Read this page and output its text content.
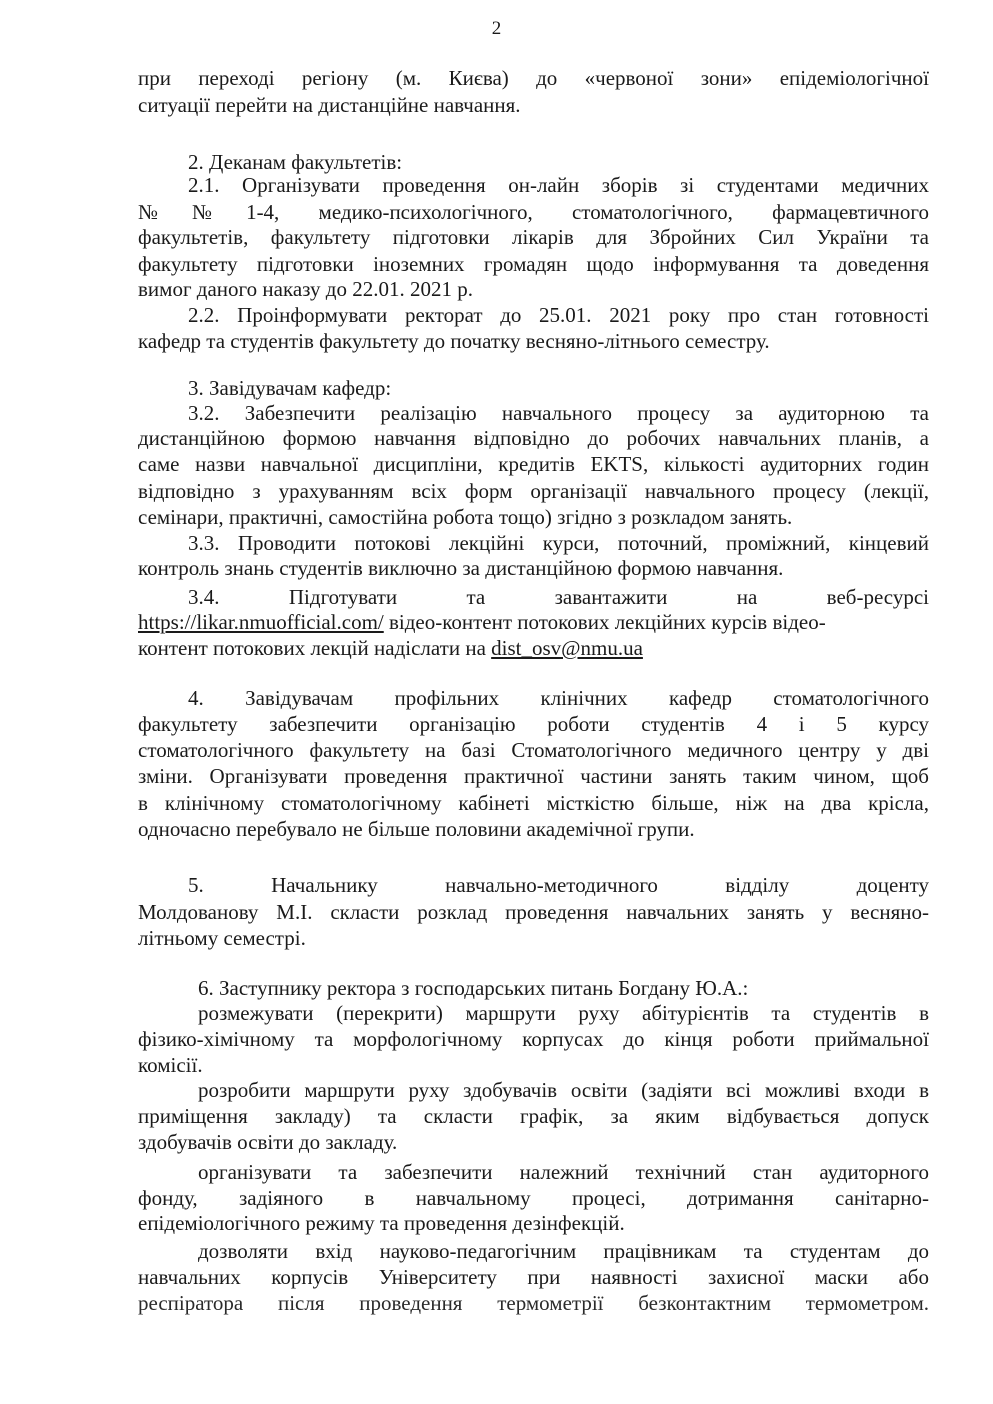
2
при переході регіону (м. Києва) до «червоної зони» епідеміологічної
ситуації перейти на дистанційне навчання.
2. Деканам факультетів:
2.1. Організувати проведення он-лайн зборів зі студентами медичних
№№1-4, медико-психологічного, стоматологічного, фармацевтичного
факультетів, факультету підготовки лікарів для Збройних Сил України та
факультету підготовки іноземних громадян щодо інформування та доведення
вимог даного наказу до 22.01. 2021 р.
2.2. Проінформувати ректорат до 25.01. 2021 року про стан готовності
кафедр та студентів факультету до початку весняно-літнього семестру.
3. Завідувачам кафедр:
3.2. Забезпечити реалізацію навчального процесу за аудиторною та
дистанційною формою навчання відповідно до робочих навчальних планів, а
саме назви навчальної дисципліни, кредитів EKTS, кількості аудиторних годин
відповідно з урахуванням всіх форм організації навчального процесу (лекції,
семінари, практичні, самостійна робота тощо) згідно з розкладом занять.
3.3. Проводити потокові лекційні курси, поточний, проміжний, кінцевий
контроль знань студентів виключно за дистанційною формою навчання.
3.4. Підготувати та завантажити на веб-ресурсі
https://likar.nmuofficial.com/ відео-контент потокових лекційних курсів відео-
контент потокових лекцій надіслати на dist_osv@nmu.ua
4. Завідувачам профільних клінічних кафедр стоматологічного
факультету забезпечити організацію роботи студентів 4 і 5 курсу
стоматологічного факультету на базі Стоматологічного медичного центру у дві
зміни. Організувати проведення практичної частини занять таким чином, щоб
в клінічному стоматологічному кабінеті місткістю більше, ніж на два крісла,
одночасно перебувало не більше половини академічної групи.
5. Начальнику навчально-методичного відділу доценту
Молдованову М.І. скласти розклад проведення навчальних занять у весняно-
літньому семестрі.
6. Заступнику ректора з господарських питань Богдану Ю.А.:
розмежувати (перекрити) маршрути руху абітурієнтів та студентів в
фізико-хімічному та морфологічному корпусах до кінця роботи приймальної
комісії.
розробити маршрути руху здобувачів освіти (задіяти всі можливі входи в
приміщення закладу) та скласти графік, за яким відбувається допуск
здобувачів освіти до закладу.
організувати та забезпечити належний технічний стан аудиторного
фонду, задіяного в навчальному процесі, дотримання санітарно-
епідеміологічного режиму та проведення дезінфекцій.
дозволяти вхід науково-педагогічним працівникам та студентам до
навчальних корпусів Університету при наявності захисної маски або
респіратора після проведення термометрії безконтактним термометром.
